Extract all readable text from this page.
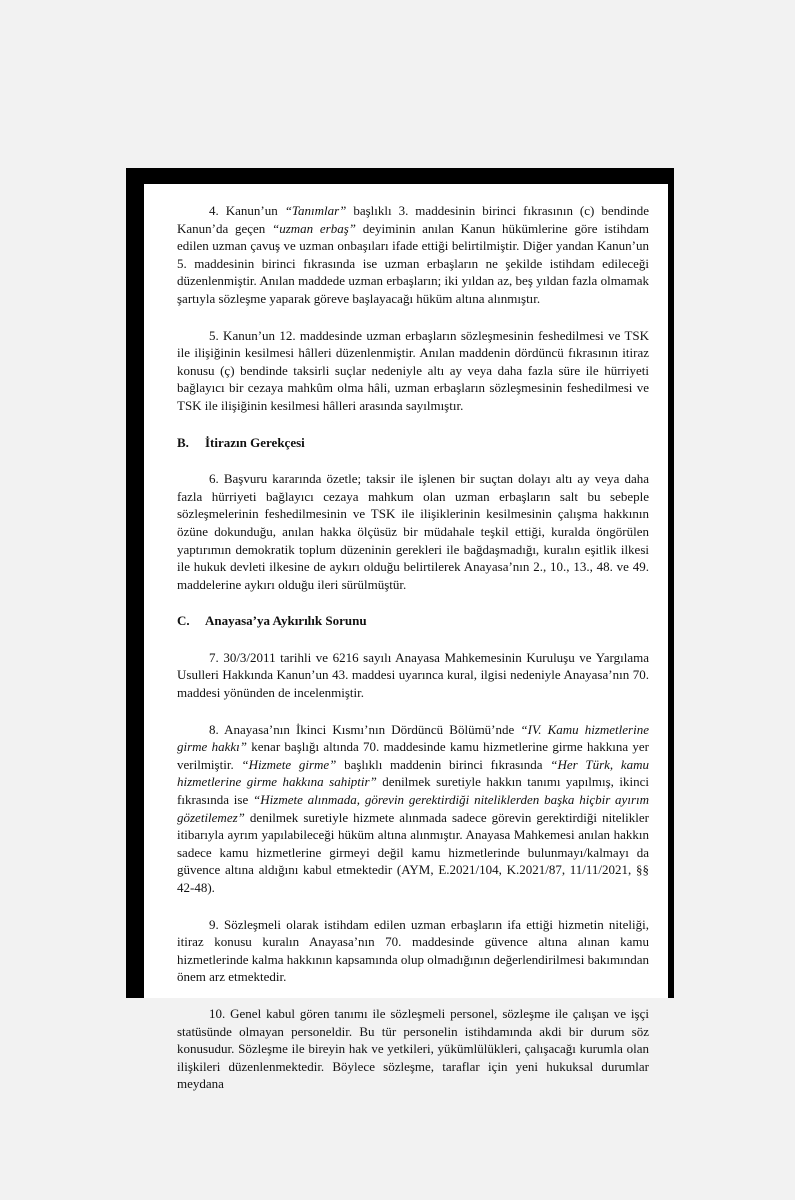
4. Kanun’un “Tanımlar” başlıklı 3. maddesinin birinci fıkrasının (c) bendinde Kanun’da geçen “uzman erbaş” deyiminin anılan Kanun hükümlerine göre istihdam edilen uzman çavuş ve uzman onbaşıları ifade ettiği belirtilmiştir. Diğer yandan Kanun’un 5. maddesinin birinci fıkrasında ise uzman erbaşların ne şekilde istihdam edileceği düzenlenmiştir. Anılan maddede uzman erbaşların; iki yıldan az, beş yıldan fazla olmamak şartıyla sözleşme yaparak göreve başlayacağı hüküm altına alınmıştır.

5. Kanun’un 12. maddesinde uzman erbaşların sözleşmesinin feshedilmesi ve TSK ile ilişiğinin kesilmesi hâlleri düzenlenmiştir. Anılan maddenin dördüncü fıkrasının itiraz konusu (ç) bendinde taksirli suçlar nedeniyle altı ay veya daha fazla süre ile hürriyeti bağlayıcı bir cezaya mahkûm olma hâli, uzman erbaşların sözleşmesinin feshedilmesi ve TSK ile ilişiğinin kesilmesi hâlleri arasında sayılmıştır.

B. İtirazın Gerekçesi

6. Başvuru kararında özetle; taksir ile işlenen bir suçtan dolayı altı ay veya daha fazla hürriyeti bağlayıcı cezaya mahkum olan uzman erbaşların salt bu sebeple sözleşmelerinin feshedilmesinin ve TSK ile ilişiklerinin kesilmesinin çalışma hakkının özüne dokunduğu, anılan hakka ölçüsüz bir müdahale teşkil ettiği, kuralda öngörülen yaptırımın demokratik toplum düzeninin gerekleri ile bağdaşmadığı, kuralın eşitlik ilkesi ile hukuk devleti ilkesine de aykırı olduğu belirtilerek Anayasa’nın 2., 10., 13., 48. ve 49. maddelerine aykırı olduğu ileri sürülmüştür.

C. Anayasa’ya Aykırılık Sorunu

7. 30/3/2011 tarihli ve 6216 sayılı Anayasa Mahkemesinin Kuruluşu ve Yargılama Usulleri Hakkında Kanun’un 43. maddesi uyarınca kural, ilgisi nedeniyle Anayasa’nın 70. maddesi yönünden de incelenmiştir.

8. Anayasa’nın İkinci Kısmı’nın Dördüncü Bölümü’nde “IV. Kamu hizmetlerine girme hakkı” kenar başlığı altında 70. maddesinde kamu hizmetlerine girme hakkına yer verilmiştir. “Hizmete girme” başlıklı maddenin birinci fıkrasında “Her Türk, kamu hizmetlerine girme hakkına sahiptir” denilmek suretiyle hakkın tanımı yapılmış, ikinci fıkrasında ise “Hizmete alınmada, görevin gerektirdiği niteliklerden başka hiçbir ayırım gözetilemez” denilmek suretiyle hizmete alınmada sadece görevin gerektirdiği nitelikler itibarıyla ayrım yapılabileceği hüküm altına alınmıştır. Anayasa Mahkemesi anılan hakkın sadece kamu hizmetlerine girmeyi değil kamu hizmetlerinde bulunmayı/kalmayı da güvence altına aldığını kabul etmektedir (AYM, E.2021/104, K.2021/87, 11/11/2021, §§ 42-48).

9. Sözleşmeli olarak istihdam edilen uzman erbaşların ifa ettiği hizmetin niteliği, itiraz konusu kuralın Anayasa’nın 70. maddesinde güvence altına alınan kamu hizmetlerinde kalma hakkının kapsamında olup olmadığının değerlendirilmesi bakımından önem arz etmektedir.

10. Genel kabul gören tanımı ile sözleşmeli personel, sözleşme ile çalışan ve işçi statüsünde olmayan personeldir. Bu tür personelin istihdamında akdi bir durum söz konusudur. Sözleşme ile bireyin hak ve yetkileri, yükümlülükleri, çalışacağı kurumla olan ilişkileri düzenlenmektedir. Böylece sözleşme, taraflar için yeni hukuksal durumlar meydana
